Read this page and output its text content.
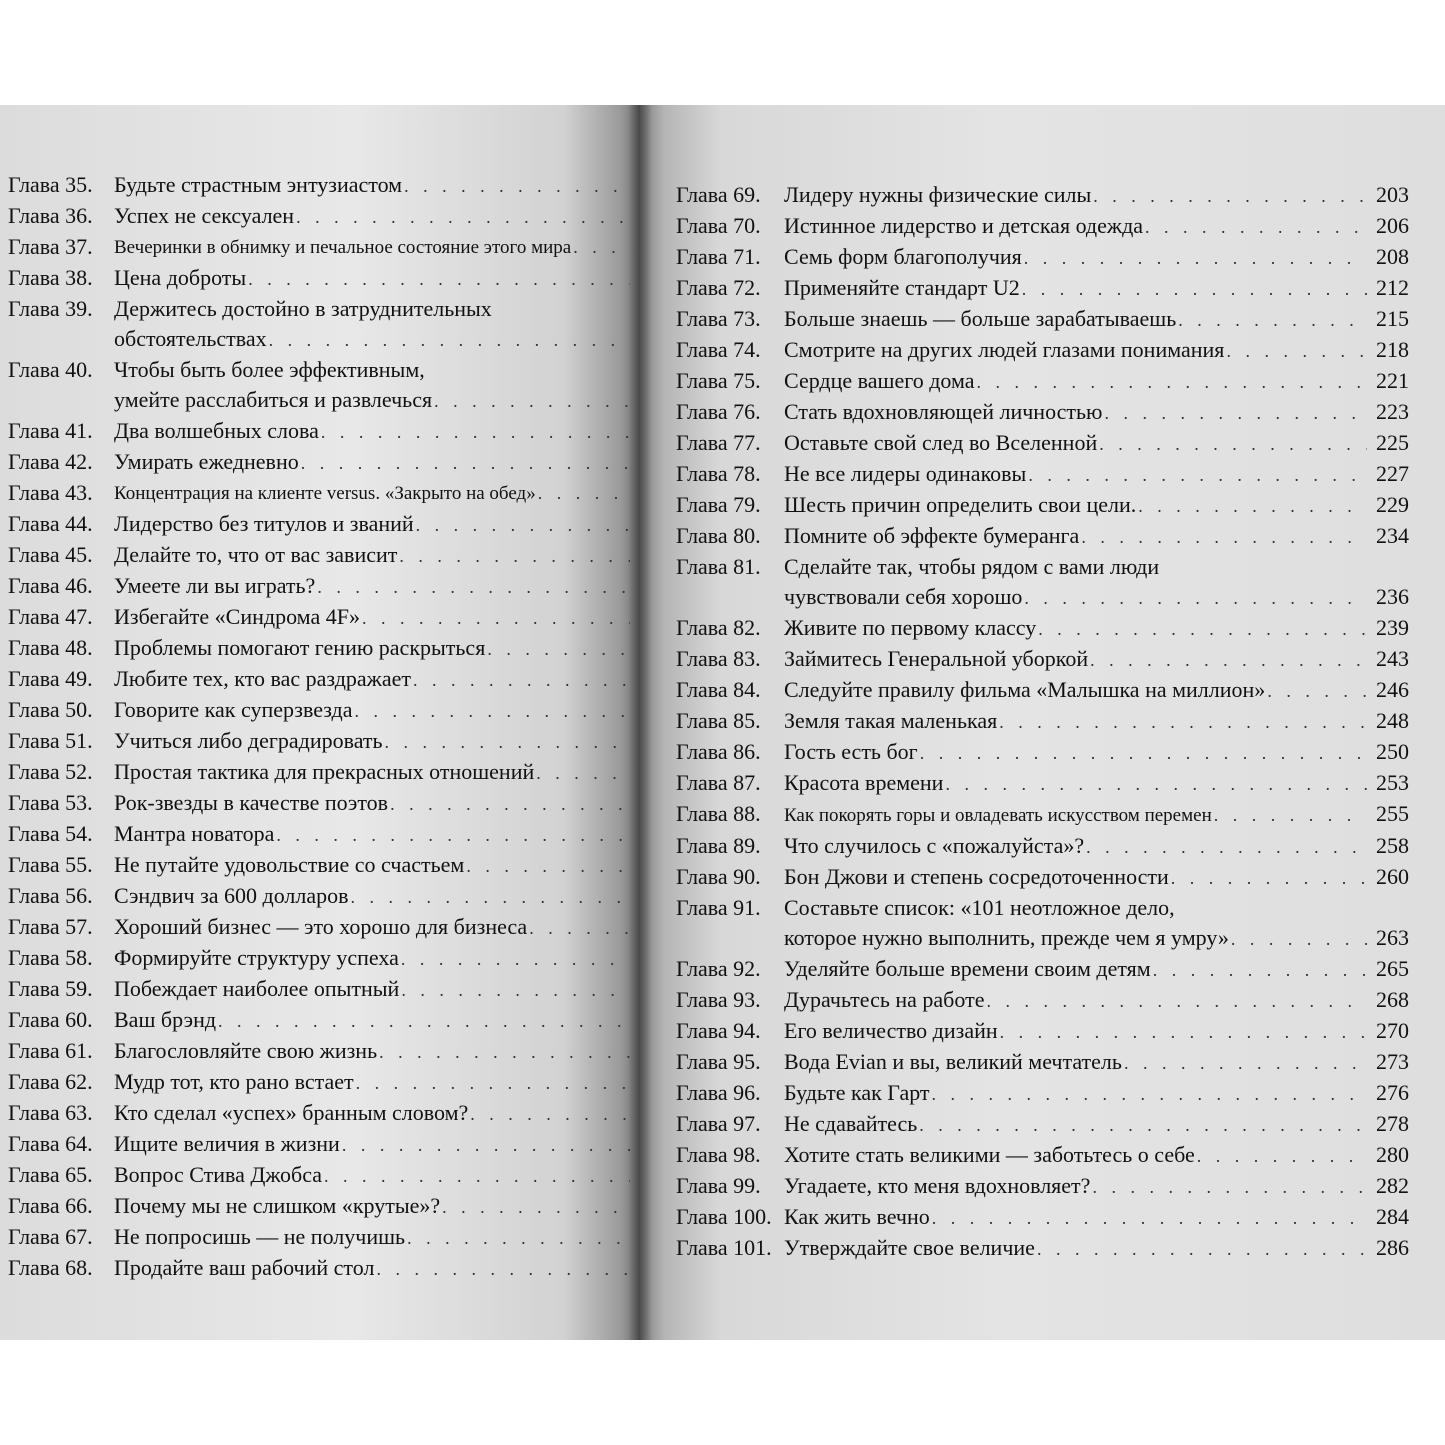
Глава 35. Будьте страстным энтузиастом
. . .
Глава 36. Успех не сексуален
. . .
Глава 37.	Вечеринки в обнимку и печальное состояние этого мира
. . .
Глава 38. Цена доброты
. . .
Глава 39. Держитесь достойно в затруднительных
обстоятельствах
. . .
Глава 40. Чтобы быть более эффективным,
умейте расслабиться и развлечься
. . .
Глава 41. Два волшебных слова
. . .
Глава 42. Умирать ежедневно
. . .
Глава 43.	Концентрация на клиенте versus. «Закрыто на обед»
. . .
Глава 44. Лидерство без титулов и званий
. . .
Глава 45. Делайте то, что от вас зависит
. . .
Глава 46. Умеете ли вы играть?
. . .
Глава 47. Избегайте «Синдрома 4F»
. . .
Глава 48. Проблемы помогают гению раскрыться
. . .
Глава 49. Любите тех, кто вас раздражает
. . .
Глава 50. Говорите как суперзвезда
. . .
Глава 51. Учиться либо деградировать
. . .
Глава 52. Простая тактика для прекрасных отношений
. . .
Глава 53. Рок-звезды в качестве поэтов
. . .
Глава 54. Мантра новатора
. . .
Глава 55. Не путайте удовольствие со счастьем
. . .
Глава 56. Сэндвич за 600 долларов
. . .
Глава 57. Хороший бизнес — это хорошо для бизнеса
. . .
Глава 58. Формируйте структуру успеха
. . .
Глава 59. Побеждает наиболее опытный
. . .
Глава 60. Ваш брэнд
. . .
Глава 61. Благословляйте свою жизнь
. . .
Глава 62. Мудр тот, кто рано встает
. . .
Глава 63. Кто сделал «успех» бранным словом?
. . .
Глава 64. Ищите величия в жизни
. . .
Глава 65. Вопрос Стива Джобса
. . .
Глава 66. Почему мы не слишком «крутые»?
. . .
Глава 67. Не попросишь — не получишь
. . .
Глава 68. Продайте ваш рабочий стол
. . .
Глава 69.	Лидеру нужны физические силы . . .	203
Глава 70.	Истинное лидерство и детская одежда . . .	206
Глава 71.	Семь форм благополучия . . .	208
Глава 72.	Применяйте стандарт U2 . . .	212
Глава 73.	Больше знаешь — больше зарабатываешь . . .	215
Глава 74.	Смотрите на других людей глазами понимания . . .	218
Глава 75.	Сердце вашего дома . . .	221
Глава 76.	Стать вдохновляющей личностью . . .	223
Глава 77.	Оставьте свой след во Вселенной . . .	225
Глава 78.	Не все лидеры одинаковы . . .	227
Глава 79.	Шесть причин определить свои цели. . . .	229
Глава 80.	Помните об эффекте бумеранга . . .	234
Глава 81.	Сделайте так, чтобы рядом с вами люди
чувствовали себя хорошо . . .	236
Глава 82.	Живите по первому классу . . .	239
Глава 83.	Займитесь Генеральной уборкой . . .	243
Глава 84.	Следуйте правилу фильма «Малышка на миллион» . . .	246
Глава 85.	Земля такая маленькая . . .	248
Глава 86.	Гость есть бог . . .	250
Глава 87.	Красота времени . . .	253
Глава 88.	Как покорять горы и овладевать искусством перемен . . .	255
Глава 89.	Что случилось с «пожалуйста»? . . .	258
Глава 90.	Бон Джови и степень сосредоточенности . . .	260
Глава 91.	Составьте список: «101 неотложное дело,
которое нужно выполнить, прежде чем я умру» . . .	263
Глава 92.	Уделяйте больше времени своим детям . . .	265
Глава 93.	Дурачьтесь на работе . . .	268
Глава 94.	Его величество дизайн . . .	270
Глава 95.	Вода Evian и вы, великий мечтатель . . .	273
Глава 96.	Будьте как Гарт . . .	276
Глава 97.	Не сдавайтесь . . .	278
Глава 98.	Хотите стать великими — заботьтесь о себе . . .	280
Глава 99.	Угадаете, кто меня вдохновляет? . . .	282
Глава 100. Как жить вечно . . .	284
Глава 101. Утверждайте свое величие . . .	286
